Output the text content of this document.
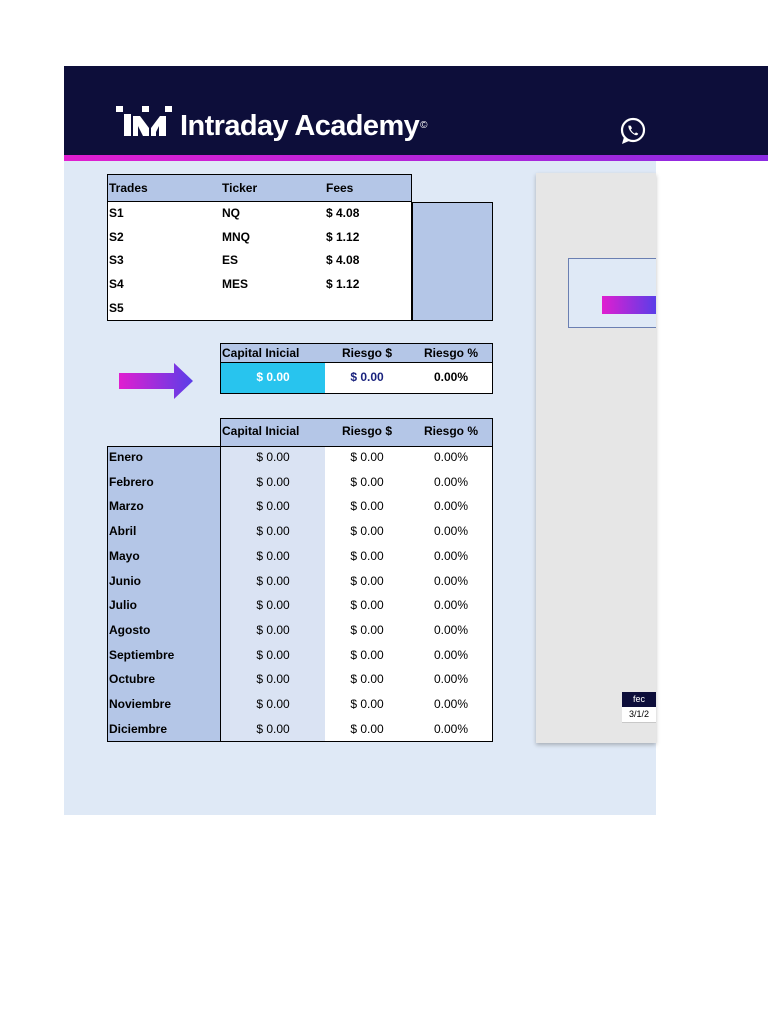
Intraday Academy©
fec
3/1/2
Trades	Ticker	Fees
S1	NQ	$ 4.08
S2	MNQ	$ 1.12
S3	ES	$ 4.08
S4	MES	$ 1.12
S5
Capital Inicial	Riesgo $	Riesgo %
$ 0.00	$ 0.00	0.00%
Capital Inicial	Riesgo $	Riesgo %
Enero	$ 0.00	$ 0.00	0.00%
Febrero	$ 0.00	$ 0.00	0.00%
Marzo	$ 0.00	$ 0.00	0.00%
Abril	$ 0.00	$ 0.00	0.00%
Mayo	$ 0.00	$ 0.00	0.00%
Junio	$ 0.00	$ 0.00	0.00%
Julio	$ 0.00	$ 0.00	0.00%
Agosto	$ 0.00	$ 0.00	0.00%
Septiembre	$ 0.00	$ 0.00	0.00%
Octubre	$ 0.00	$ 0.00	0.00%
Noviembre	$ 0.00	$ 0.00	0.00%
Diciembre	$ 0.00	$ 0.00	0.00%
